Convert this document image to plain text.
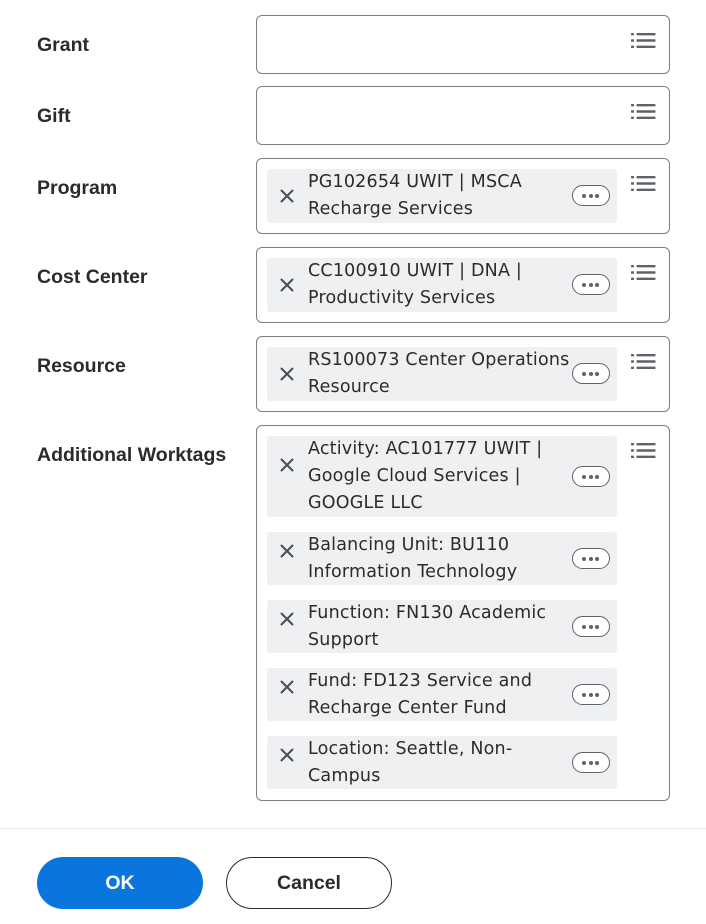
Grant
Gift
Program	PG102654 UWIT | MSCA Recharge Services
Cost Center	CC100910 UWIT | DNA | Productivity Services
Resource	RS100073 Center Operations Resource
Additional Worktags	Activity: AC101777 UWIT | Google Cloud Services | GOOGLE LLC
Balancing Unit: BU110 Information Technology
Function: FN130 Academic Support
Fund: FD123 Service and Recharge Center Fund
Location: Seattle, Non-Campus
OK	Cancel
